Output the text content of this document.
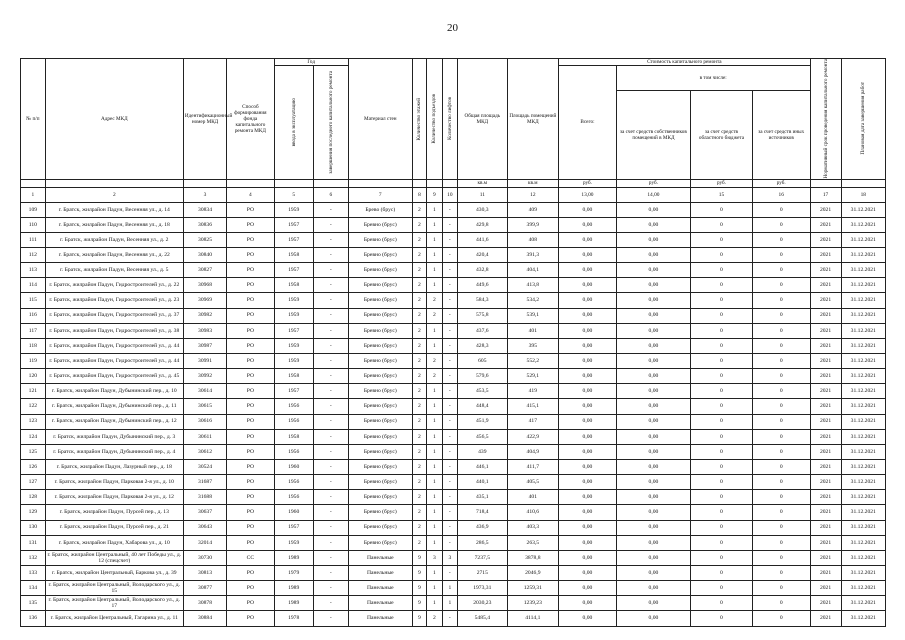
20
№ п/п	Адрес МКД	Идентификационный номер МКД	Способ формирования фонда капитального ремонта МКД	Год		Материал стен	Количество этажей	Количество подъездов	Количество лифтов	Общая площадь МКД	Площадь помещений МКД	Стоимость капитального ремонта				Нормативный срок проведения капитального ремонта	Плановая дата завершения работ

				ввода в эксплуатацию	завершения последнего капитального ремонта							Всего:	в том числе:				
													за счет средств собственников помещений в МКД	за счет средств областного бюджета	за счет средств иных источников		
										кв.м	кв.м	руб.	руб.	руб.	руб.		
1	2	3	4	5	6	7	8	9	10	11	12	13,00	14,00	15	16	17	18
109	г. Братск, жилрайон Падун, Весенняя ул., д. 14	30834	РО	1959	-	Брево (брус)	2	1	-	430,3	409	0,00	0,00	0	0	2021	31.12.2021
110	г. Братск, жилрайон Падун, Весенняя ул., д. 18	30836	РО	1957	-	Бревно (брус)	2	1	-	429,8	399,9	0,00	0,00	0	0	2021	31.12.2021
111	г. Братск, жилрайон Падун, Весенняя ул., д. 2	30825	РО	1957	-	Бревно (брус)	2	1	-	441,6	408	0,00	0,00	0	0	2021	31.12.2021
112	г. Братск, жилрайон Падун, Весенняя ул., д. 22	30840	РО	1958	-	Бревно (брус)	2	1	-	420,4	391,3	0,00	0,00	0	0	2021	31.12.2021
113	г. Братск, жилрайон Падун, Весенняя ул., д. 5	30827	РО	1957	-	Бревно (брус)	2	1	-	432,8	404,1	0,00	0,00	0	0	2021	31.12.2021
114	г. Братск, жилрайон Падун, Гидростроителей ул., д. 22	30968	РО	1958	-	Бревно (брус)	2	1	-	449,6	413,8	0,00	0,00	0	0	2021	31.12.2021
115	г. Братск, жилрайон Падун, Гидростроителей ул., д. 23	30969	РО	1959	-	Бревно (брус)	2	2	-	584,3	534,2	0,00	0,00	0	0	2021	31.12.2021
116	г. Братск, жилрайон Падун, Гидростроителей ул., д. 37	30982	РО	1959	-	Бревно (брус)	2	2	-	575,8	539,1	0,00	0,00	0	0	2021	31.12.2021
117	г. Братск, жилрайон Падун, Гидростроителей ул., д. 38	30983	РО	1957	-	Бревно (брус)	2	1	-	437,6	401	0,00	0,00	0	0	2021	31.12.2021
118	г. Братск, жилрайон Падун, Гидростроителей ул., д. 44	30987	РО	1959	-	Бревно (брус)	2	1	-	428,3	395	0,00	0,00	0	0	2021	31.12.2021
119	г. Братск, жилрайон Падун, Гидростроителей ул., д. 44	30991	РО	1959	-	Бревно (брус)	2	2	-	605	552,2	0,00	0,00	0	0	2021	31.12.2021
120	г. Братск, жилрайон Падун, Гидростроителей ул., д. 45	30992	РО	1958	-	Бревно (брус)	2	2	-	579,6	529,1	0,00	0,00	0	0	2021	31.12.2021
121	г. Братск, жилрайон Падун, Дубынинский пер., д. 10	30614	РО	1957	-	Бревно (брус)	2	1	-	453,5	419	0,00	0,00	0	0	2021	31.12.2021
122	г. Братск, жилрайон Падун, Дубынинский пер., д. 11	30615	РО	1956	-	Бревно (брус)	2	1	-	448,4	415,1	0,00	0,00	0	0	2021	31.12.2021
123	г. Братск, жилрайон Падун, Дубынинский пер., д. 12	30616	РО	1956	-	Бревно (брус)	2	1	-	451,9	417	0,00	0,00	0	0	2021	31.12.2021
124	г. Братск, жилрайон Падун, Дубынинский пер., д. 3	30611	РО	1958	-	Бревно (брус)	2	1	-	456,5	422,9	0,00	0,00	0	0	2021	31.12.2021
125	г. Братск, жилрайон Падун, Дубынинский пер., д. 4	30612	РО	1956	-	Бревно (брус)	2	1	-	439	404,9	0,00	0,00	0	0	2021	31.12.2021
126	г. Братск, жилрайон Падун, Лазурный пер., д. 18	30524	РО	1960	-	Бревно (брус)	2	1	-	446,1	411,7	0,00	0,00	0	0	2021	31.12.2021
127	г. Братск, жилрайон Падун, Парковая 2-я ул., д. 10	31687	РО	1956	-	Бревно (брус)	2	1	-	440,1	405,5	0,00	0,00	0	0	2021	31.12.2021
128	г. Братск, жилрайон Падун, Парковая 2-я ул., д. 12	31688	РО	1956	-	Бревно (брус)	2	1	-	435,1	401	0,00	0,00	0	0	2021	31.12.2021
129	г. Братск, жилрайон Падун, Пурсей пер., д. 13	30637	РО	1960	-	Бревно (брус)	2	1	-	718,4	410,6	0,00	0,00	0	0	2021	31.12.2021
130	г. Братск, жилрайон Падун, Пурсей пер., д. 21	30643	РО	1957	-	Бревно (брус)	2	1	-	436,9	403,3	0,00	0,00	0	0	2021	31.12.2021
131	г. Братск, жилрайон Падун, Хабарова ул., д. 10	32014	РО	1959	-	Бревно (брус)	2	1	-	286,5	263,5	0,00	0,00	0	0	2021	31.12.2021
132	г. Братск, жилрайон Центральный, 40 лет Победы ул., д. 12 (спецсчет)	30730	СС	1989	-	Панельные	9	3	3	7237,5	3878,8	0,00	0,00	0	0	2021	31.12.2021
133	г. Братск, жилрайон Центральный, Баркова ул., д. 39	30813	РО	1979	-	Панельные	9	1	-	2715	2046,9	0,00	0,00	0	0	2021	31.12.2021
134	г. Братск, жилрайон Центральный, Володарского ул., д. 15	30877	РО	1989	-	Панельные	9	1	1	1973,31	1259,31	0,00	0,00	0	0	2021	31.12.2021
135	г. Братск, жилрайон Центральный, Володарского ул., д. 17	30878	РО	1989	-	Панельные	9	1	1	2030,23	1239,23	0,00	0,00	0	0	2021	31.12.2021
136	г. Братск, жилрайон Центральный, Гагарина ул., д. 11	30884	РО	1978	-	Панельные	9	2	-	5485,4	4114,1	0,00	0,00	0	0	2021	31.12.2021
